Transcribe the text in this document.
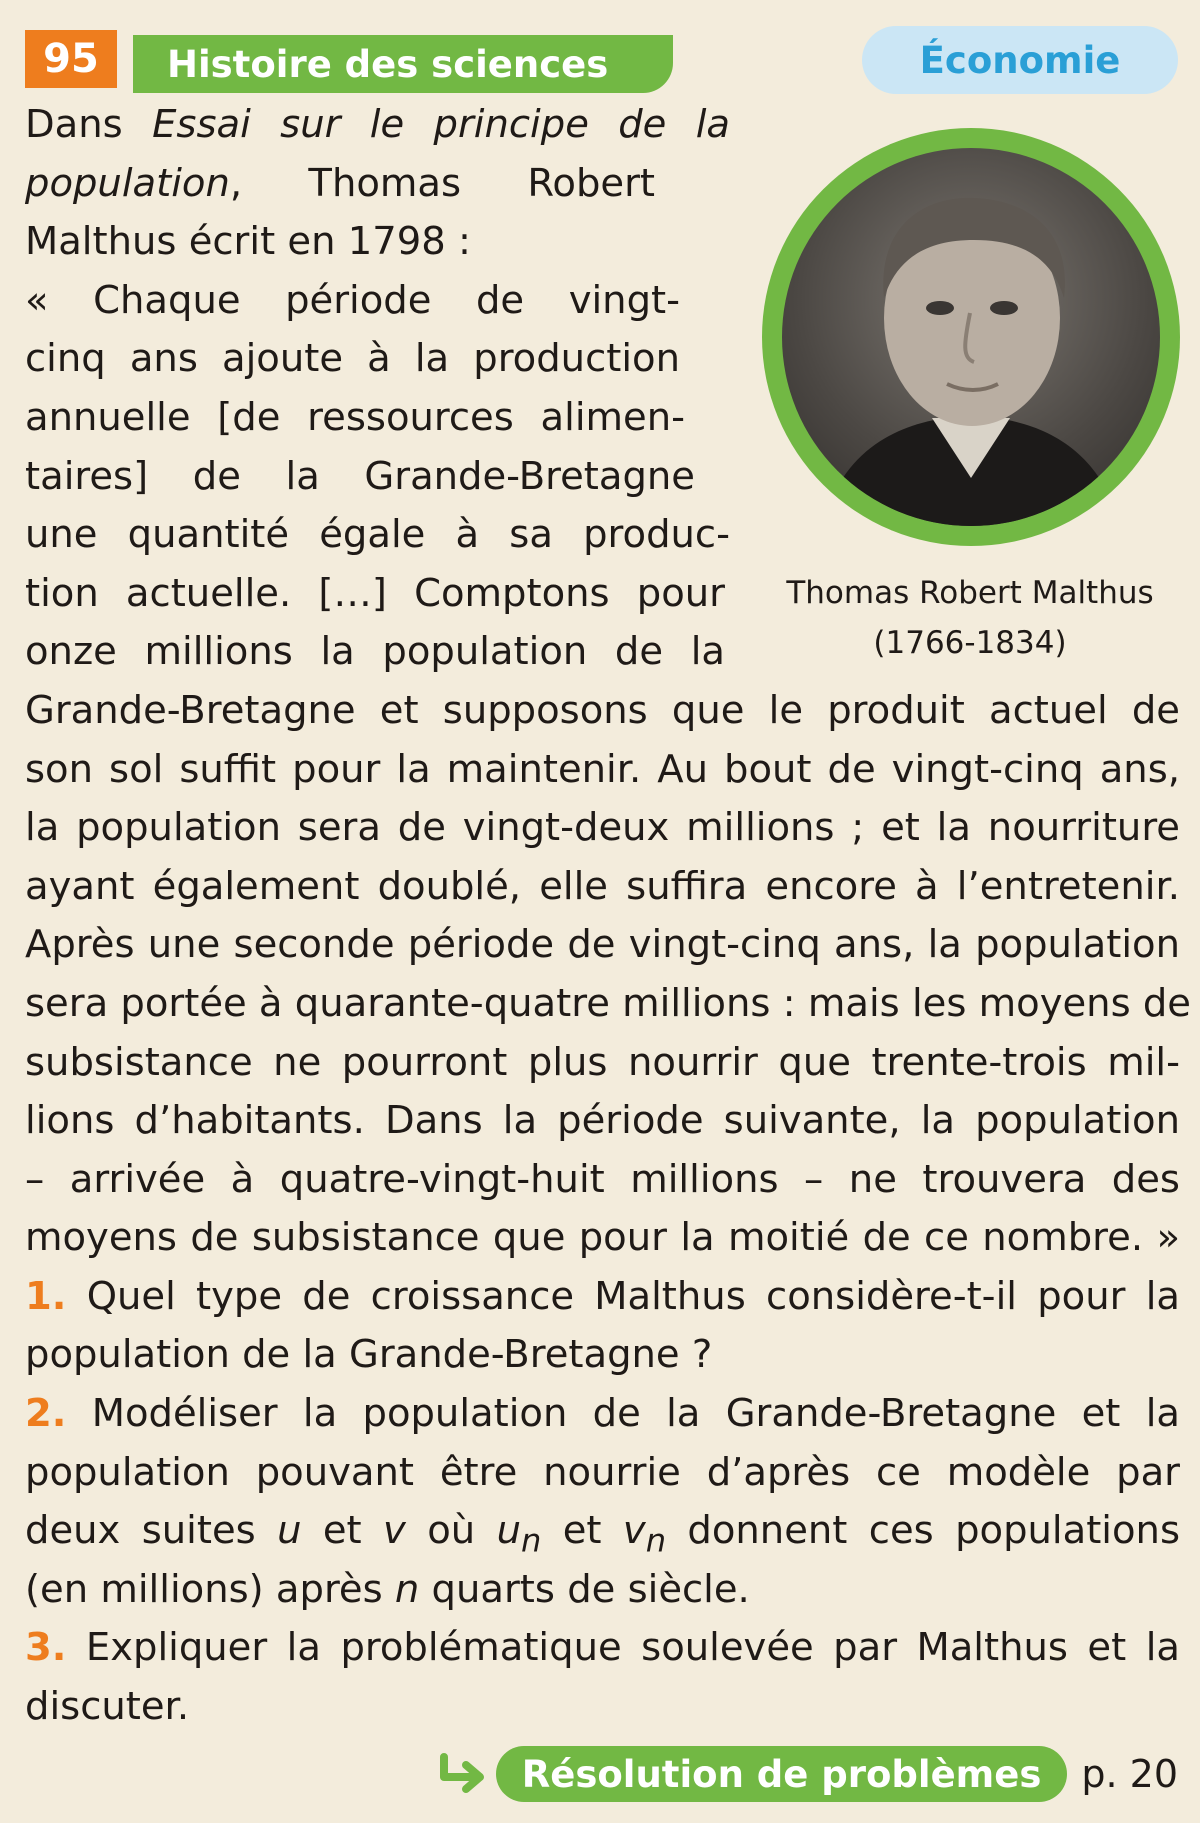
95	Histoire des sciences	Économie
Thomas Robert Malthus
(1766-1834)
Dans Essai sur le principe de la
population, Thomas Robert
Malthus écrit en 1798 :
« Chaque période de vingt-
cinq ans ajoute à la production
annuelle [de ressources alimen-
taires] de la Grande-Bretagne
une quantité égale à sa produc-
tion actuelle. […] Comptons pour
onze millions la population de la
Grande-Bretagne et supposons que le produit actuel de
son sol suffit pour la maintenir. Au bout de vingt-cinq ans,
la population sera de vingt-deux millions ; et la nourriture
ayant également doublé, elle suffira encore à l’entretenir.
Après une seconde période de vingt-cinq ans, la population
sera portée à quarante-quatre millions : mais les moyens de
subsistance ne pourront plus nourrir que trente-trois mil-
lions d’habitants. Dans la période suivante, la population
– arrivée à quatre-vingt-huit millions – ne trouvera des
moyens de subsistance que pour la moitié de ce nombre. »
1. Quel type de croissance Malthus considère-t-il pour la
population de la Grande-Bretagne ?
2. Modéliser la population de la Grande-Bretagne et la
population pouvant être nourrie d’après ce modèle par
deux suites u et v où $u_n$ et $v_n$ donnent ces populations
(en millions) après n quarts de siècle.
3. Expliquer la problématique soulevée par Malthus et la
discuter.
Résolution de problèmes	p. 20
